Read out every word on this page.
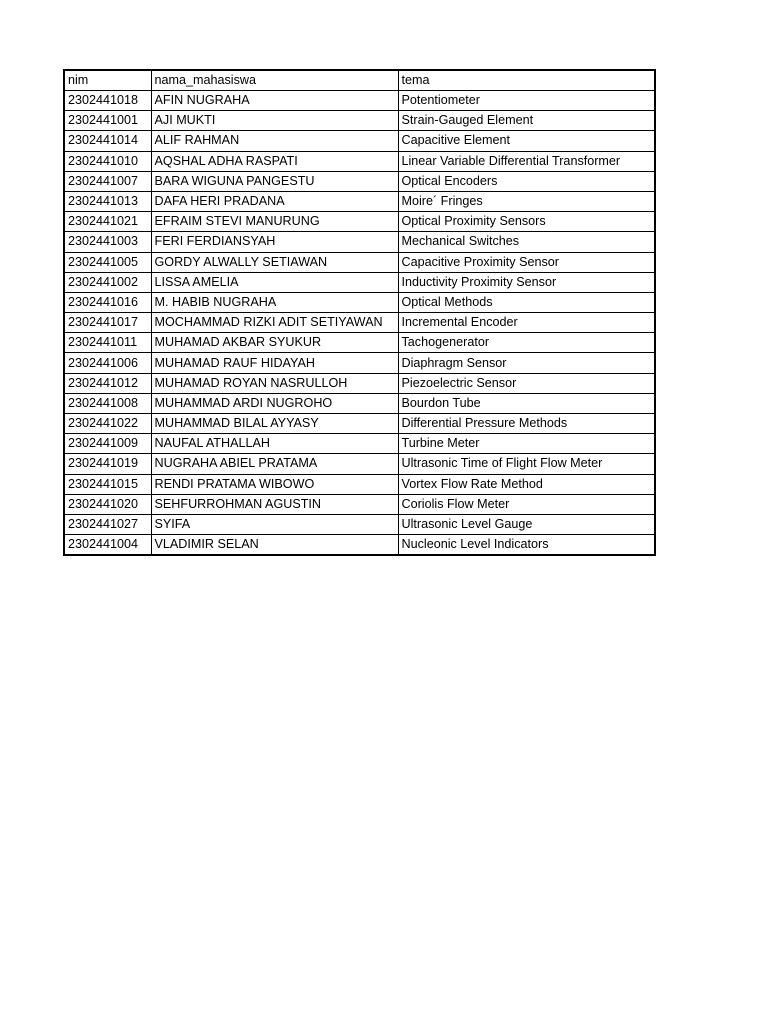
nim	nama_mahasiswa	tema
2302441018	AFIN NUGRAHA	Potentiometer
2302441001	AJI MUKTI	Strain-Gauged Element
2302441014	ALIF RAHMAN	Capacitive Element
2302441010	AQSHAL ADHA RASPATI	Linear Variable Differential Transformer
2302441007	BARA WIGUNA PANGESTU	Optical Encoders
2302441013	DAFA HERI PRADANA	Moire´ Fringes
2302441021	EFRAIM STEVI MANURUNG	Optical Proximity Sensors
2302441003	FERI FERDIANSYAH	Mechanical Switches
2302441005	GORDY ALWALLY SETIAWAN	Capacitive Proximity Sensor
2302441002	LISSA AMELIA	Inductivity Proximity Sensor
2302441016	M. HABIB NUGRAHA	Optical Methods
2302441017	MOCHAMMAD RIZKI ADIT SETIYAWAN	Incremental Encoder
2302441011	MUHAMAD AKBAR SYUKUR	Tachogenerator
2302441006	MUHAMAD RAUF HIDAYAH	Diaphragm Sensor
2302441012	MUHAMAD ROYAN NASRULLOH	Piezoelectric Sensor
2302441008	MUHAMMAD ARDI NUGROHO	Bourdon Tube
2302441022	MUHAMMAD BILAL AYYASY	Differential Pressure Methods
2302441009	NAUFAL ATHALLAH	Turbine Meter
2302441019	NUGRAHA ABIEL PRATAMA	Ultrasonic Time of Flight Flow Meter
2302441015	RENDI PRATAMA WIBOWO	Vortex Flow Rate Method
2302441020	SEHFURROHMAN AGUSTIN	Coriolis Flow Meter
2302441027	SYIFA	Ultrasonic Level Gauge
2302441004	VLADIMIR SELAN	Nucleonic Level Indicators
